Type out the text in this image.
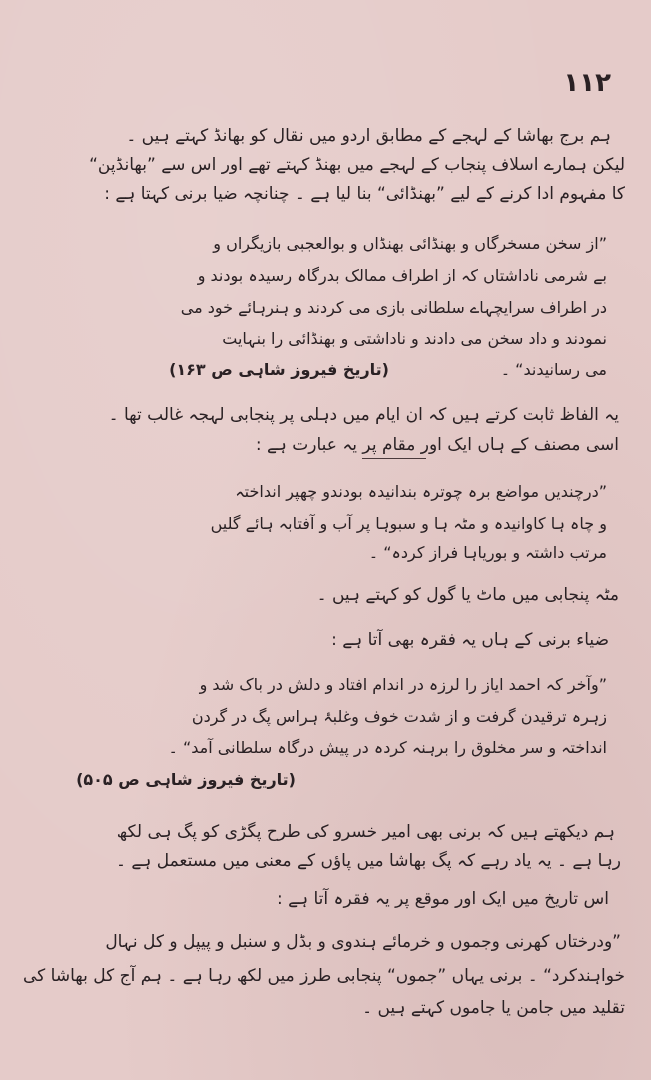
۱۱۲
ہم برج بھاشا کے لہجے کے مطابق اردو میں نقال کو بھانڈ کہتے ہیں ۔
لیکن ہمارے اسلاف پنجاب کے لہجے میں بھنڈ کہتے تھے اور اس سے ”بھانڈپن“
کا مفہوم ادا کرنے کے لیے ”بھنڈائی“ بنا لیا ہے ۔ چنانچہ ضیا برنی کہتا ہے :
”از سخن مسخرگاں و بھنڈائی بھنڈاں و بوالعجبی بازیگراں و
بے شرمی ناداشتاں کہ از اطراف ممالک بدرگاہ رسیدہ بودند و
در اطراف سرایچہاے سلطانی بازی می کردند و ہنرہائے خود می
نمودند و داد سخن می دادند و ناداشتی و بھنڈائی را بنہایت
می رسانیدند“ ۔
(تاریخ فیروز شاہی ص ۱۶۳)
یہ الفاظ ثابت کرتے ہیں کہ ان ایام میں دہلی پر پنجابی لہجہ غالب تھا ۔
اسی مصنف کے ہاں ایک اور مقام پر یہ عبارت ہے :
”درچندیں مواضع برہ چوترہ بندانیدہ بودندو چھپر انداختہ
و چاہ ہا کاوانیدہ و مٹہ ہا و سبوہا پر آب و آفتابہ ہائے گلیں
مرتب داشتہ و بوریاہا فراز کردہ“ ۔
مٹہ پنجابی میں ماٹ یا گول کو کہتے ہیں ۔
ضیاء برنی کے ہاں یہ فقرہ بھی آتا ہے :
”وآخر کہ احمد ایاز را لرزہ در اندام افتاد و دلش در باک شد و
زہرہ ترقیدن گرفت و از شدت خوف وغلبۂ ہراس پگ در گردن
انداختہ و سر مخلوق را برہنہ کردہ در پیش درگاہ سلطانی آمد“ ۔
(تاریخ فیروز شاہی ص ۵۰۵)
ہم دیکھتے ہیں کہ برنی بھی امیر خسرو کی طرح پگڑی کو پگ ہی لکھ
رہا ہے ۔ یہ یاد رہے کہ پگ بھاشا میں پاؤں کے معنی میں مستعمل ہے ۔
اس تاریخ میں ایک اور موقع پر یہ فقرہ آتا ہے :
”ودرختاں کھرنی وجموں و خرمائے ہندوی و بڈل و سنبل و پیپل و کل نہال
خواہندکرد“ ۔ برنی یہاں ”جموں“ پنجابی طرز میں لکھ رہا ہے ۔ ہم آج کل بھاشا کی
تقلید میں جامن یا جاموں کہتے ہیں ۔
